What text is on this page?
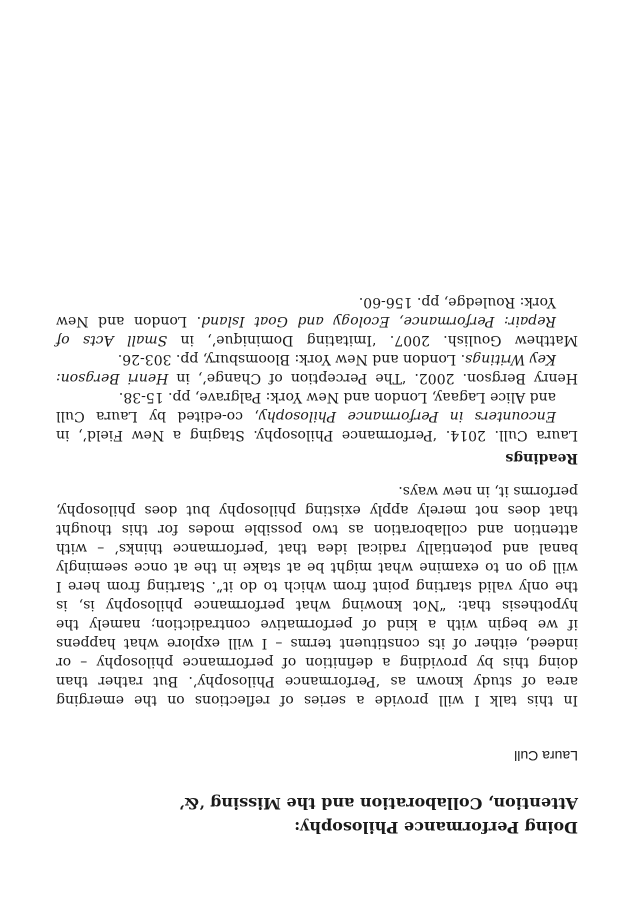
Doing Performance Philosophy:
Attention, Collaboration and the Missing ‘&’
Laura Cull
In this talk I will provide a series of reflections on the emerging
area of study known as ‘Performance Philosophy’. But rather than
doing this by providing a definition of performance philosophy – or
indeed, either of its constituent terms – I will explore what happens
if we begin with a kind of performative contradiction; namely the
hypothesis that: “Not knowing what performance philosophy is, is
the only valid starting point from which to do it”. Starting from here I
will go on to examine what might be at stake in the at once seemingly
banal and potentially radical idea that ‘performance thinks’ – with
attention and collaboration as two possible modes for this thought
that does not merely apply existing philosophy but does philosophy,
performs it, in new ways.
Readings
Laura Cull. 2014. ‘Performance Philosophy. Staging a New Field’, in
Encounters in Performance Philosophy, co-edited by Laura Cull
and Alice Lagaay, London and New York: Palgrave, pp. 15-38.
Henry Bergson. 2002. ‘The Perception of Change’, in Henri Bergson:
Key Writings. London and New York: Bloomsbury, pp. 303-26.
Matthew Goulish. 2007. ‘Imitating Dominique’, in Small Acts of
Repair: Performance, Ecology and Goat Island. London and New
York: Rouledge, pp. 156-60.
